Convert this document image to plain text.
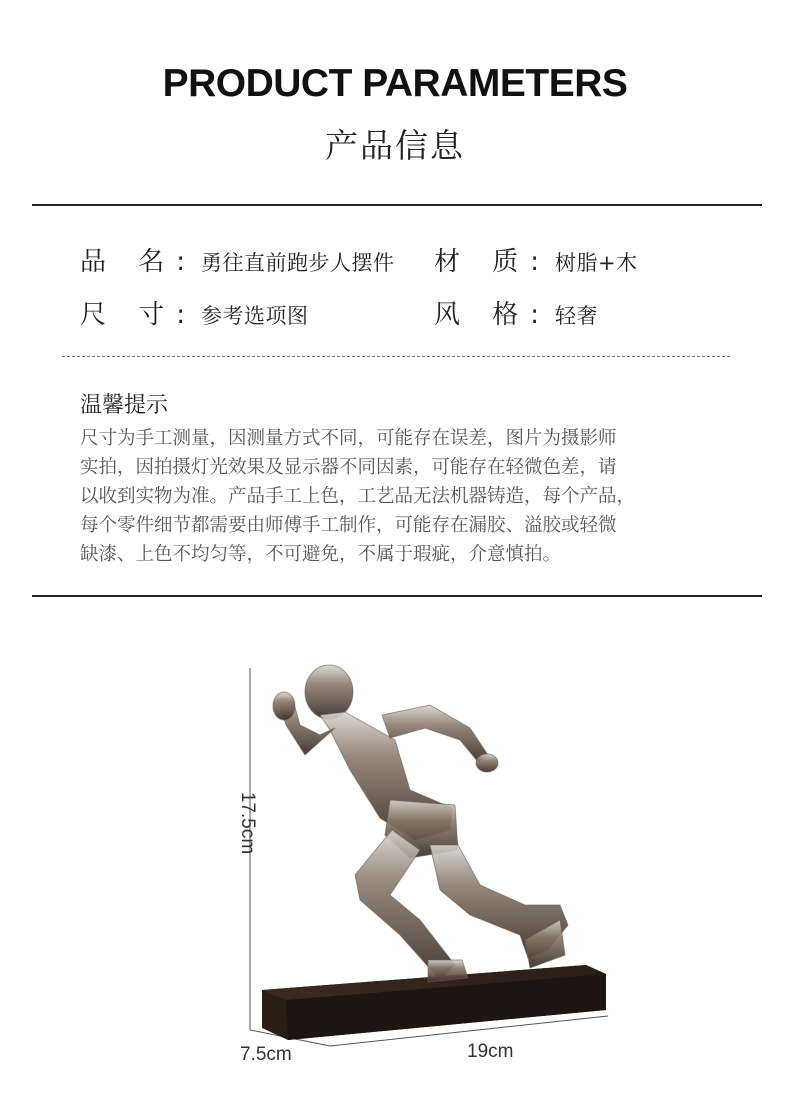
PRODUCT PARAMETERS
产品信息
品 名: 勇往直前跑步人摆件 材 质: 树脂+木
尺 寸: 参考选项图	风 格: 轻奢
温馨提示
尺寸为手工测量，因测量方式不同，可能存在误差，图片为摄影师
实拍，因拍摄灯光效果及显示器不同因素，可能存在轻微色差，请
以收到实物为准。产品手工上色，工艺品无法机器铸造，每个产品，
每个零件细节都需要由师傅手工制作，可能存在漏胶、溢胶或轻微
缺漆、上色不均匀等，不可避免，不属于瑕疵，介意慎拍。
17.5cm
7.5cm	19cm
